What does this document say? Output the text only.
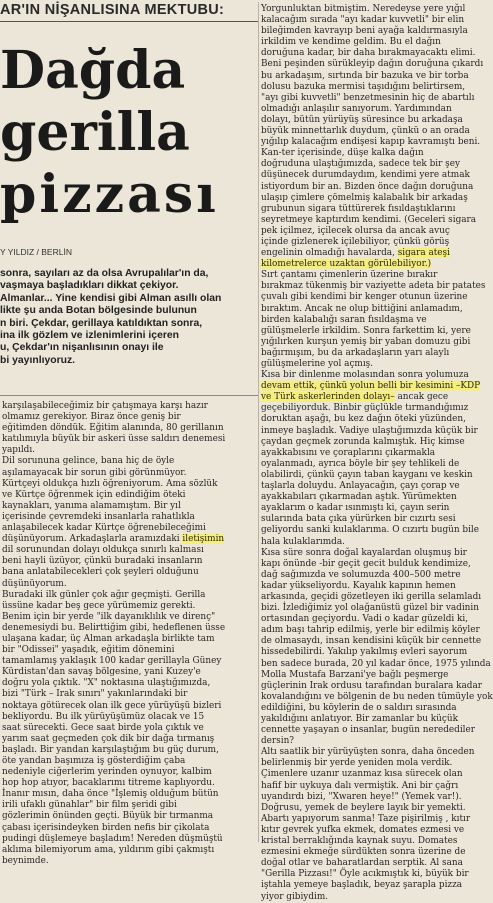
AR'IN NİŞANLISINA MEKTUBU:
Dağda
gerilla
pizzası
Y YILDIZ / BERLİN
sonra, sayıları az da olsa Avrupalılar'ın da,
vaşmaya başladıkları dikkat çekiyor.
Almanlar... Yine kendisi gibi Alman asıllı olan
likte şu anda Botan bölgesinde bulunun
n biri. Çekdar, gerillaya katıldıktan sonra,
ina ilk gözlem ve izlenimlerini içeren
u, Çekdar'ın nişanlısının onayı ile
bi yayınlıyoruz.
karşılaşabileceğimiz bir çatışmaya karşı hazır
olmamız gerekiyor. Biraz önce geniş bir
eğitimden döndük. Eğitim alanında, 80 gerillanın
katılımıyla büyük bir askeri üsse saldırı denemesi
yapıldı.
Dil sorununa gelince, bana hiç de öyle
aşılamayacak bir sorun gibi görünmüyor.
Kürtçeyi oldukça hızlı öğreniyorum. Ama sözlük
ve Kürtçe öğrenmek için edindiğim öteki
kaynakları, yanıma alamamıştım. Bir yıl
içerisinde çevremdeki insanlarla rahatlıkla
anlaşabilecek kadar Kürtçe öğrenebileceğimi
düşünüyorum. Arkadaşlarla aramızdaki iletişimin
dil sorunundan dolayı oldukça sınırlı kalması
beni hayli üzüyor, çünkü buradaki insanların
bana anlatabilecekleri çok şeyleri olduğunu
düşünüyorum.
Buradaki ilk günler çok ağır geçmişti. Gerilla
üssüne kadar beş gece yürümemiz gerekti.
Benim için bir yerde "ilk dayanıklılık ve direnç"
denemesiydi bu. Belirttiğim gibi, hedeflenen üsse
ulaşana kadar, üç Alman arkadaşla birlikte tam
bir "Odissei" yaşadık, eğitim dönemini
tamamlamış yaklaşık 100 kadar gerillayla Güney
Kürdistan'dan savaş bölgesine, yani Kuzey'e
doğru yola çıktık. "X" noktasına ulaştığımızda,
bizi "Türk – Irak sınırı" yakınlarındaki bir
noktaya götürecek olan ilk gece yürüyüşü bizleri
bekliyordu. Bu ilk yürüyüşümüz olacak ve 15
saat sürecekti. Gece saat birde yola çıktık ve
yarım saat geçmeden çok dik bir dağa tırmanış
başladı. Bir yandan karşılaştığım bu güç durum,
öte yandan başımıza iş gösterdiğim çaba
nedeniyle ciğerlerim yerinden oynuyor, kalbim
hop hop atıyor, bacaklarımı titreme kaplıyordu.
İnanır mısın, daha önce "İşlemiş olduğum bütün
irili ufaklı günahlar" bir film şeridi gibi
gözlerimin önünden geçti. Büyük bir tırmanma
çabası içerisindeyken birden nefis bir çikolata
pudingi düşlemeye başladım! Nereden düşmüştü
aklıma bilemiyorum ama, yıldırım gibi çakmıştı
beynimde.
Yorgunluktan bitmiştim. Neredeyse yere yığıl
kalacağım sırada "ayı kadar kuvvetli" bir elin
bileğimden kavrayıp beni ayağa kaldırmasıyla
irkildim ve kendime geldim. Bu el dağın
doruğuna kadar, bir daha bırakmayacaktı elimi.
Beni peşinden sürükleyip dağın doruğuna çıkardı
bu arkadaşım, sırtında bir bazuka ve bir torba
dolusu bazuka mermisi taşıdığını belirtirsem,
"ayı gibi kuvvetli" benzetmesinin hiç de abartılı
olmadığı anlaşılır sanıyorum. Yardımından
dolayı, bütün yürüyüş süresince bu arkadaşa
büyük minnettarlık duydum, çünkü o an orada
yığılıp kalacağım endişesi kapıp kavramıştı beni.
Kan-ter içerisinde, düşe kalka dağın
doğruduna ulaştığımızda, sadece tek bir şey
düşünecek durumdaydım, kendimi yere atmak
istiyordum bir an. Bizden önce dağın doruğuna
ulaşıp çimlere çömelmiş kalabalık bir arkadaş
grubunun sigara tüttürerek fısıldaştıklarını
seyretmeye kaptırdım kendimi. (Geceleri sigara
pek içilmez, içilecek olursa da ancak avuç
içinde gizlenerek içilebiliyor, çünkü görüş
engelinin olmadığı havalarda, sigara ateşi
kilometrelerce uzaktan görülebiliyor.)
Sırt çantamı çimenlerin üzerine bırakır
bırakmaz tükenmiş bir vaziyette adeta bir patates
çuvalı gibi kendimi bir kenger otunun üzerine
bıraktım. Ancak ne olup bittiğini anlamadım,
birden kalabalığı saran fısıldaşma ve
gülüşmelerle irkildim. Sonra farkettim ki, yere
yığılırken kurşun yemiş bir yaban domuzu gibi
bağırmışım, bu da arkadaşların yarı alaylı
gülüşmelerine yol açmış.
Kısa bir dinlenme molasından sonra yolumuza
devam ettik, çünkü yolun belli bir kesimini –KDP
ve Türk askerlerinden dolayı– ancak gece
geçebiliyorduk. Binbir güçlükle tırmandığımız
doruktan aşağı, bu kez dağın öteki yüzünden,
inmeye başladık. Vadiye ulaştığımızda küçük bir
çaydan geçmek zorunda kalmıştık. Hiç kimse
ayakkabısını ve çoraplarını çıkarmakla
oyalanmadı, ayrıca böyle bir şey tehlikeli de
olabilirdi, çünkü çayın taban kayganı ve keskin
taşlarla doluydu. Anlayacağın, çayı çorap ve
ayakkabıları çıkarmadan aştık. Yürümekten
ayaklarım o kadar ısınmıştı ki, çayın serin
sularında bata çıka yürürken bir cızırtı sesi
geliyordu sanki kulaklarıma. O cızırtı bugün bile
hala kulaklarımda.
Kısa süre sonra doğal kayalardan oluşmuş bir
kapı önünde -bir geçit gecit bulduk kendimize,
dağ sağımızda ve solumuzda 400–500 metre
kadar yükseliyordu. Kayalık kapının hemen
arkasında, geçidi gözetleyen iki gerilla selamladı
bizi. İzlediğimiz yol olağanüstü güzel bir vadinin
ortasından geçiyordu. Vadi o kadar güzeldi ki,
adım başı tahrip edilmiş, yerle bir edilmiş köyler
de olmasaydı, insan kendisini küçük bir cennette
hissedebilirdi. Yakılıp yakılmış evleri sayorum
ben sadece burada, 20 yıl kadar önce, 1975 yılında
Molla Mustafa Barzani'ye bağlı peşmerge
güçlerinin Irak ordusu tarafından buralara kadar
kovalandığını ve bölgenin de bu neden tümüyle yok
edildiğini, bu köylerin de o saldırı sırasında
yakıldığını anlatıyor. Bir zamanlar bu küçük
cennette yaşayan o insanlar, bugün neredediler
dersin?
Altı saatlik bir yürüyüşten sonra, daha önceden
belirlenmiş bir yerde yeniden mola verdik.
Çimenlere uzanır uzanmaz kısa sürecek olan
hafif bir uykuya dalı vermiştik. Ani bir çağrı
uyandırdı bizi, "Xwaren heye!" (Yemek var!).
Doğrusu, yemek de beylere layık bir yemekti.
Abartı yapıyorum sanma! Taze pişirilmiş , kıtır
kıtır gevrek yufka ekmek, domates ezmesi ve
kristal berraklığında kaynak suyu. Domates
ezmesini ekmeğe sürdükten sonra üzerine de
doğal otlar ve baharatlardan serptik. Al sana
"Gerilla Pizzası!" Öyle acıkmıştık ki, büyük bir
iştahla yemeye başladık, beyaz şarapla pizza
yiyor gibiydim.
